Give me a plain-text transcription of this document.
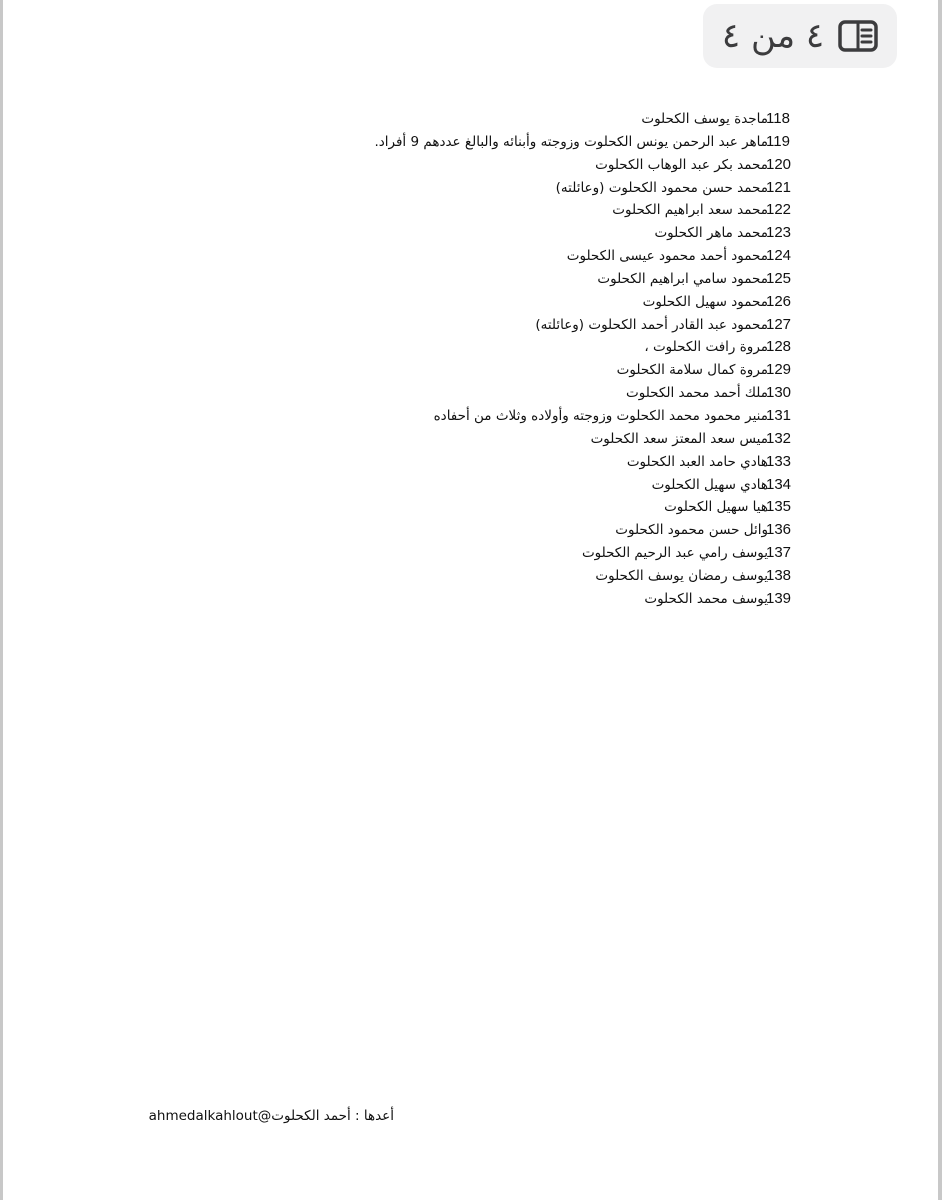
٤ من ٤
118
ماجدة يوسف الكحلوت
119
ماهر عبد الرحمن يونس الكحلوت وزوجته وأبنائه والبالغ عددهم 9 أفراد.
120
محمد بكر عبد الوهاب الكحلوت
121
محمد حسن محمود الكحلوت (وعائلته)
122
محمد سعد ابراهيم الكحلوت
123
محمد ماهر الكحلوت
124
محمود أحمد محمود عيسى الكحلوت
125
محمود سامي ابراهيم الكحلوت
126
محمود سهيل الكحلوت
127
محمود عبد القادر أحمد الكحلوت (وعائلته)
128
مروة رافت الكحلوت ،
129
مروة كمال سلامة الكحلوت
130
ملك أحمد محمد الكحلوت
131
منير محمود محمد الكحلوت وزوجته وأولاده وثلاث من أحفاده
132
ميس سعد المعتز سعد الكحلوت
133
هادي حامد العبد الكحلوت
134
هادي سهيل الكحلوت
135
هيا سهيل الكحلوت
136
وائل حسن محمود الكحلوت
137
يوسف رامي عبد الرحيم الكحلوت
138
يوسف رمضان يوسف الكحلوت
139
يوسف محمد الكحلوت
أعدها : أحمد الكحلوت@ahmedalkahlout
